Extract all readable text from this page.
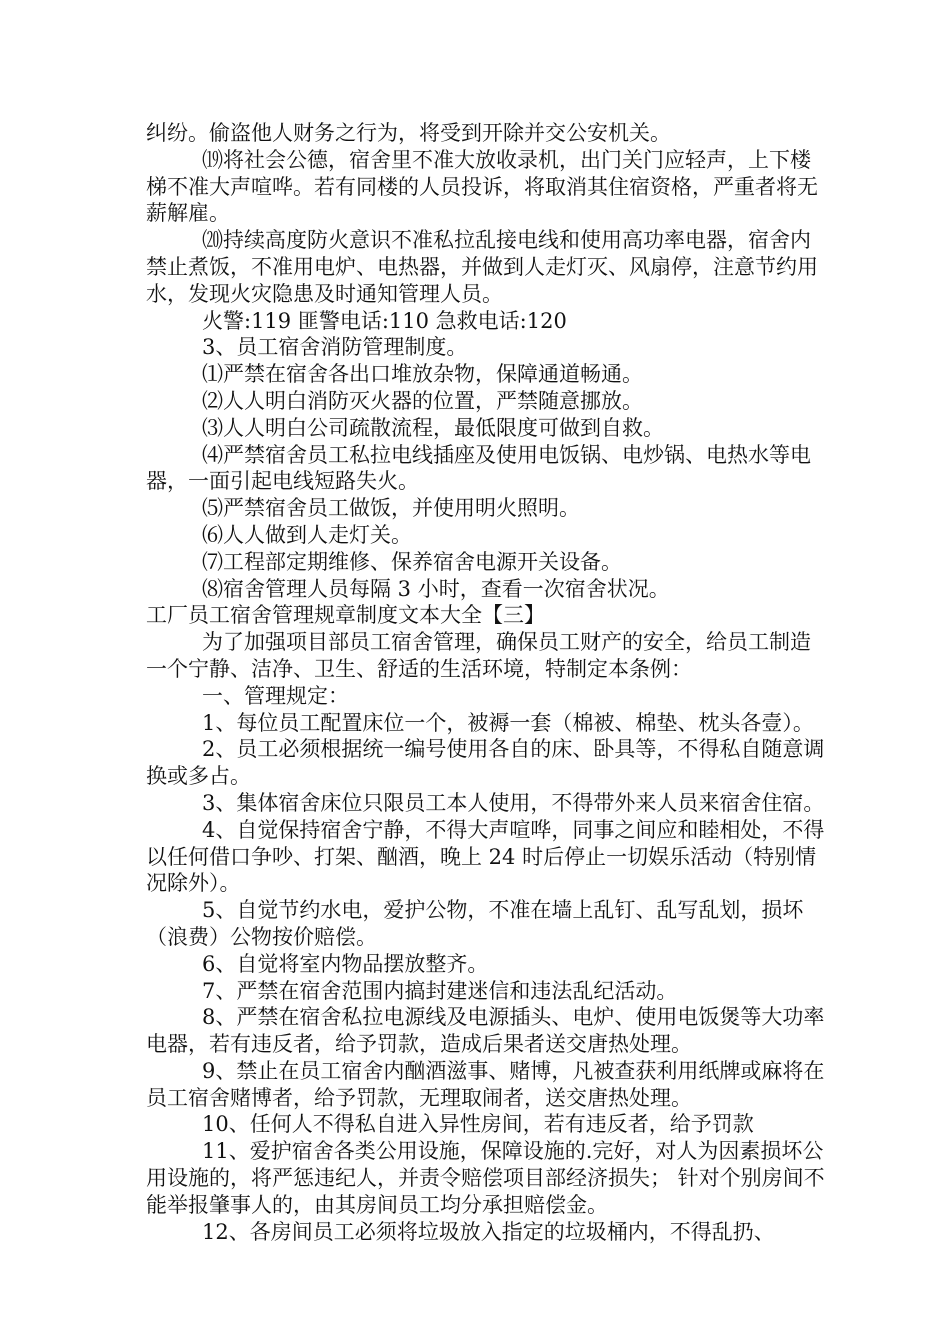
纠纷。偷盗他人财务之行为，将受到开除并交公安机关。

⒆将社会公德，宿舍里不准大放收录机，出门关门应轻声，上下楼梯不准大声喧哗。若有同楼的人员投诉，将取消其住宿资格，严重者将无薪解雇。

⒇持续高度防火意识不准私拉乱接电线和使用高功率电器，宿舍内禁止煮饭，不准用电炉、电热器，并做到人走灯灭、风扇停，注意节约用水，发现火灾隐患及时通知管理人员。

火警:119 匪警电话:110 急救电话:120

3、员工宿舍消防管理制度。

⑴严禁在宿舍各出口堆放杂物，保障通道畅通。

⑵人人明白消防灭火器的位置，严禁随意挪放。

⑶人人明白公司疏散流程，最低限度可做到自救。

⑷严禁宿舍员工私拉电线插座及使用电饭锅、电炒锅、电热水等电器，一面引起电线短路失火。

⑸严禁宿舍员工做饭，并使用明火照明。

⑹人人做到人走灯关。

⑺工程部定期维修、保养宿舍电源开关设备。

⑻宿舍管理人员每隔 3 小时，查看一次宿舍状况。

工厂员工宿舍管理规章制度文本大全【三】

为了加强项目部员工宿舍管理，确保员工财产的安全，给员工制造一个宁静、洁净、卫生、舒适的生活环境，特制定本条例：

一、管理规定：

1、每位员工配置床位一个，被褥一套（棉被、棉垫、枕头各壹）。

2、员工必须根据统一编号使用各自的床、卧具等，不得私自随意调换或多占。

3、集体宿舍床位只限员工本人使用，不得带外来人员来宿舍住宿。

4、自觉保持宿舍宁静，不得大声喧哗，同事之间应和睦相处，不得以任何借口争吵、打架、酗酒，晚上 24 时后停止一切娱乐活动（特别情况除外）。

5、自觉节约水电，爱护公物，不准在墙上乱钉、乱写乱划，损坏（浪费）公物按价赔偿。

6、自觉将室内物品摆放整齐。

7、严禁在宿舍范围内搞封建迷信和违法乱纪活动。

8、严禁在宿舍私拉电源线及电源插头、电炉、使用电饭煲等大功率电器，若有违反者，给予罚款，造成后果者送交唐热处理。

9、禁止在员工宿舍内酗酒滋事、赌博，凡被查获利用纸牌或麻将在员工宿舍赌博者，给予罚款，无理取闹者，送交唐热处理。

10、任何人不得私自进入异性房间，若有违反者，给予罚款

11、爱护宿舍各类公用设施，保障设施的.完好，对人为因素损坏公用设施的，将严惩违纪人，并责令赔偿项目部经济损失； 针对个别房间不能举报肇事人的，由其房间员工均分承担赔偿金。

12、各房间员工必须将垃圾放入指定的垃圾桶内，不得乱扔、
